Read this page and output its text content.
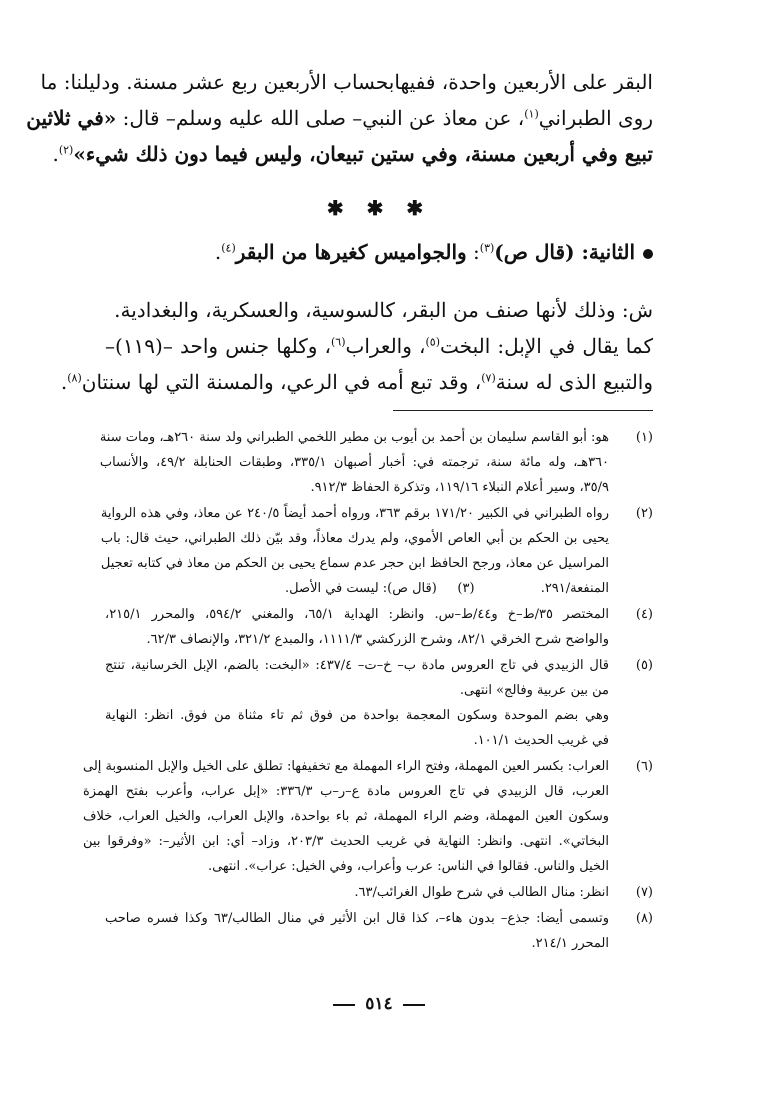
البقر على الأربعين واحدة، ففيهابحساب الأربعين ربع عشر مسنة. ودليلنا: ما
روى الطبراني$^{(١)}$، عن معاذ عن النبي– صلى الله عليه وسلم– قال: «في ثلاثين
تبيع وفي أربعين مسنة، وفي ستين تبيعان، وليس فيما دون ذلك شيء»$^{(٢)}$.
✱ ✱ ✱
الثانية: (قال ص)$^{(٣)}$: والجواميس كغيرها من البقر$^{(٤)}$.
ش: وذلك لأنها صنف من البقر، كالسوسية، والعسكرية، والبغدادية.
كما يقال في الإبل: البخت$^{(٥)}$، والعراب$^{(٦)}$، وكلها جنس واحد –(١١٩)–
والتبيع الذى له سنة$^{(٧)}$، وقد تبع أمه في الرعي، والمسنة التي لها سنتان$^{(٨)}$.
(١)
هو: أبو القاسم سليمان بن أحمد بن أيوب بن مطير اللخمي الطبراني ولد سنة ٢٦٠هـ، ومات سنة
٣٦٠هـ، وله مائة سنة، ترجمته في: أخبار أصبهان ٣٣٥/١، وطبقات الحنابلة ٤٩/٢، والأنساب
٣٥/٩، وسير أعلام النبلاء ١١٩/١٦، وتذكرة الحفاظ ٩١٢/٣.
(٢)
رواه الطبراني في الكبير ١٧١/٢٠ برقم ٣٦٣، ورواه أحمد أيضاً ٢٤٠/٥ عن معاذ، وفي هذه الرواية
يحيى بن الحكم بن أبي العاص الأموي، ولم يدرك معاذاً، وقد بيّن ذلك الطبراني، حيث قال: باب
المراسيل عن معاذ، ورجح الحافظ ابن حجر عدم سماع يحيى بن الحكم من معاذ في كتابه تعجيل
المنفعة/٢٩١.                (٣)     (قال ص): ليست في الأصل.
(٤)
المختصر ٣٥/ط–خ و٤٤/ط–س. وانظر: الهداية ٦٥/١، والمغني ٥٩٤/٢، والمحرر ٢١٥/١،
والواضح شرح الخرقي ٨٢/١، وشرح الزركشي ١١١١/٣، والمبدع ٣٢١/٢، والإنصاف ٦٢/٣.
(٥)
قال الزبيدي في تاج العروس مادة ب– خ–ت– ٤٣٧/٤: «البخت: بالضم، الإبل الخرسانية، تنتج
من بين عربية وفالج» انتهى.
وهي بضم الموحدة وسكون المعجمة بواحدة من فوق ثم تاء مثناة من فوق. انظر: النهاية
في غريب الحديث ١٠١/١.
(٦)
العراب: بكسر العين المهملة، وفتح الراء المهملة مع تخفيفها: تطلق على الخيل والإبل المنسوبة إلى
العرب، قال الزبيدي في تاج العروس مادة ع–ر–ب ٣٣٦/٣: «إبل عراب، وأعرب بفتح الهمزة
وسكون العين المهملة، وضم الراء المهملة، ثم باء بواحدة، والإبل العراب، والخيل العراب، خلاف
البخاتي». انتهى. وانظر: النهاية في غريب الحديث ٢٠٣/٣، وزاد– أي: ابن الأثير–: «وفرقوا بين
الخيل والناس. فقالوا في الناس: عرب وأعراب، وفي الخيل: عراب». انتهى.
(٧)
انظر: منال الطالب في شرح طوال الغرائب/٦٣.
(٨)
وتسمى أيضا: جذع– بدون هاء–، كذا قال ابن الأثير في منال الطالب/٦٣ وكذا فسره صاحب
المحرر ٢١٤/١.
٥١٤
